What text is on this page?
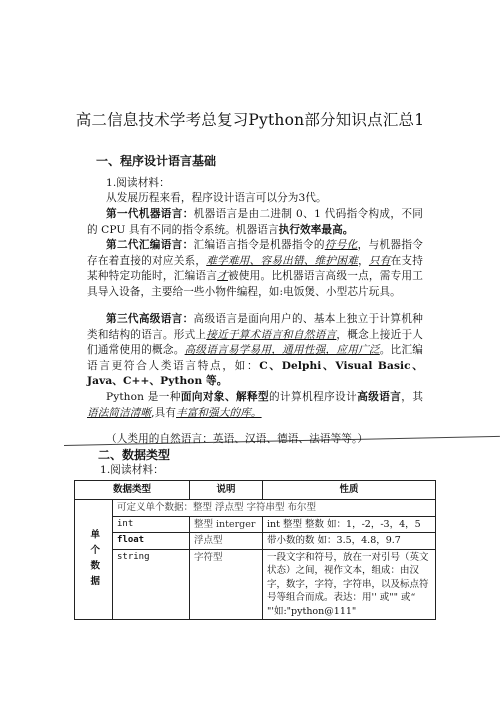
高二信息技术学考总复习Python部分知识点汇总1
一、程序设计语言基础
1.阅读材料：
从发展历程来看，程序设计语言可以分为3代。
第一代机器语言：机器语言是由二进制 0、1 代码指令构成，不同的 CPU 具有不同的指令系统。机器语言执行效率最高。
第二代汇编语言：汇编语言指令是机器指令的符号化，与机器指令存在着直接的对应关系，难学难用、容易出错、维护困难，只有在支持某种特定功能时，汇编语言才被使用。比机器语言高级一点，需专用工具导入设备，主要给一些小物件编程，如:电饭煲、小型芯片玩具。
第三代高级语言：高级语言是面向用户的、基本上独立于计算机种类和结构的语言。形式上接近于算术语言和自然语言，概念上接近于人们通常使用的概念。高级语言易学易用，通用性强，应用广泛。比汇编语言更符合人类语言特点，如：C、Delphi、Visual Basic、Java、C++、Python 等。
Python 是一种面向对象、解释型的计算机程序设计高级语言，其语法简洁清晰,具有丰富和强大的库。
（人类用的自然语言：英语、汉语、德语、法语等等。）
二、数据类型
1.阅读材料：
数据类型		说明	性质
单个数据	可定义单个数据：整型 浮点型 字符串型 布尔型		
	int	整型 interger	int 整型 整数 如：1，-2，-3，4，5
	float	浮点型	带小数的数 如：3.5，4.8，9.7
	string	字符型	一段文字和符号，放在一对引号（英文状态）之间，视作文本，组成：由汉字，数字，字符，字符串，以及标点符号等组合而成。表达：用'' 或"" 或“ "'如:"python@111"
